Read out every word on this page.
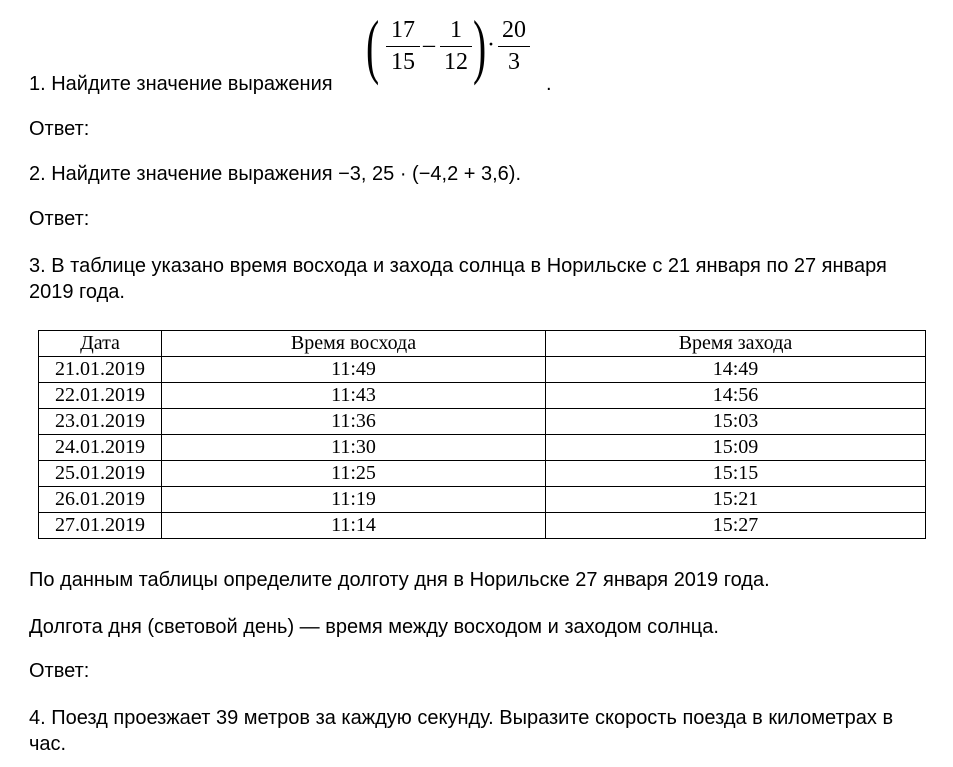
1. Найдите значение выражения ( 17
15
–
1
12 ) ·
20
3
.
Ответ:
2. Найдите значение выражения −3, 25 · (−4,2 + 3,6).
Ответ:
3. В таблице указано время восхода и захода солнца в Норильске с 21 января по 27 января 2019 года.
Дата	Время восхода	Время захода
21.01.2019	11:49	14:49
22.01.2019	11:43	14:56
23.01.2019	11:36	15:03
24.01.2019	11:30	15:09
25.01.2019	11:25	15:15
26.01.2019	11:19	15:21
27.01.2019	11:14	15:27
По данным таблицы определите долготу дня в Норильске 27 января 2019 года.
Долгота дня (световой день) — время между восходом и заходом солнца.
Ответ:
4. Поезд проезжает 39 метров за каждую секунду. Выразите скорость поезда в километрах в час.
